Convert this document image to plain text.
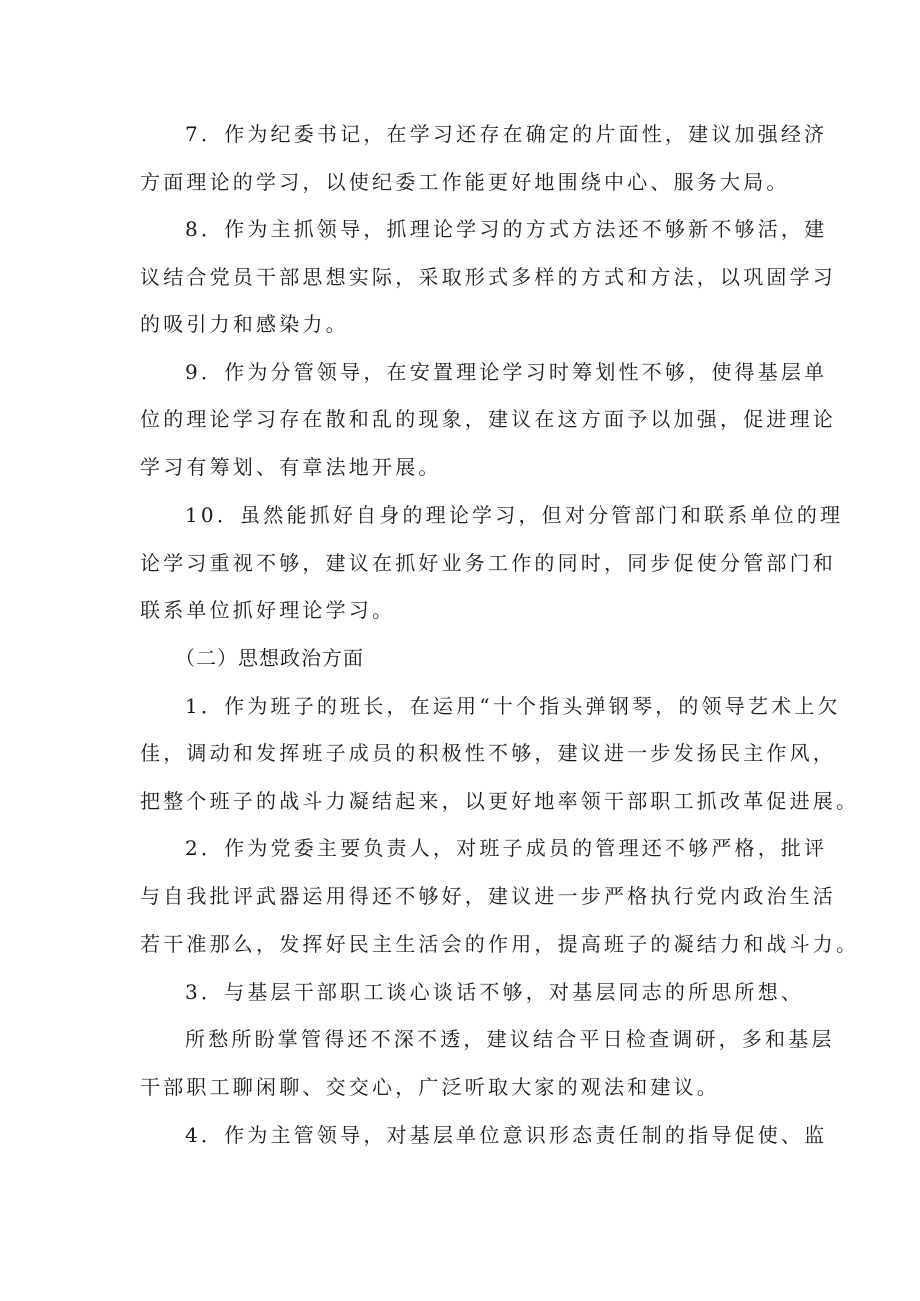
7．作为纪委书记，在学习还存在确定的片面性，建议加强经济
方面理论的学习，以使纪委工作能更好地围绕中心、服务大局。
8．作为主抓领导，抓理论学习的方式方法还不够新不够活，建
议结合党员干部思想实际，采取形式多样的方式和方法，以巩固学习
的吸引力和感染力。
9．作为分管领导，在安置理论学习时筹划性不够，使得基层单
位的理论学习存在散和乱的现象，建议在这方面予以加强，促进理论
学习有筹划、有章法地开展。
10．虽然能抓好自身的理论学习，但对分管部门和联系单位的理
论学习重视不够，建议在抓好业务工作的同时，同步促使分管部门和
联系单位抓好理论学习。
（二）思想政治方面
1．作为班子的班长，在运用“十个指头弹钢琴，的领导艺术上欠
佳，调动和发挥班子成员的积极性不够，建议进一步发扬民主作风，
把整个班子的战斗力凝结起来，以更好地率领干部职工抓改革促进展。
2．作为党委主要负责人，对班子成员的管理还不够严格，批评
与自我批评武器运用得还不够好，建议进一步严格执行党内政治生活
若干准那么，发挥好民主生活会的作用，提高班子的凝结力和战斗力。
3．与基层干部职工谈心谈话不够，对基层同志的所思所想、
所愁所盼掌管得还不深不透，建议结合平日检查调研，多和基层
干部职工聊闲聊、交交心，广泛听取大家的观法和建议。
4．作为主管领导，对基层单位意识形态责任制的指导促使、监
